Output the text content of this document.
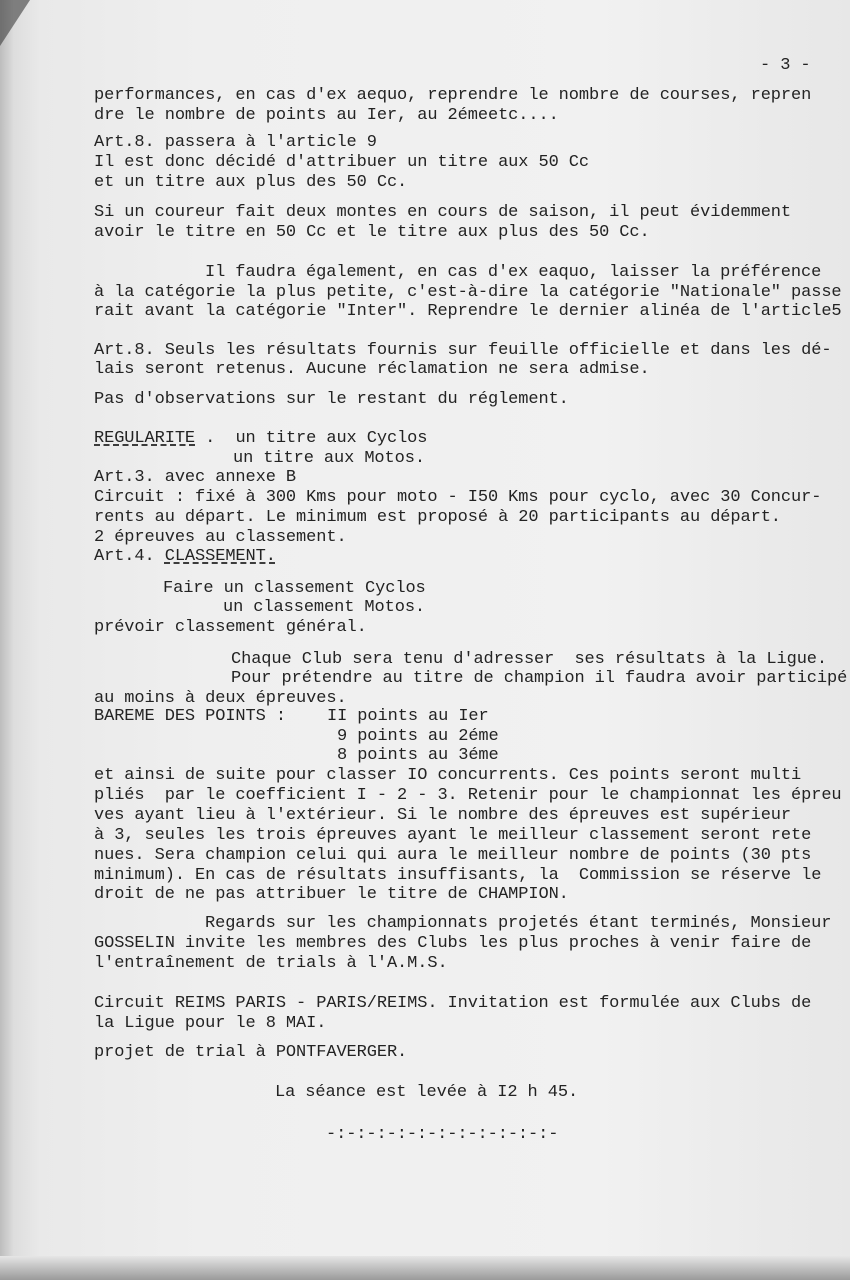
- 3 -

performances, en cas d'ex aequo, reprendre le nombre de courses, repren

dre le nombre de points au Ier, au 2émeetc....

Art.8. passera à l'article 9

Il est donc décidé d'attribuer un titre aux 50 Cc

et un titre aux plus des 50 Cc.

Si un coureur fait deux montes en cours de saison, il peut évidemment

avoir le titre en 50 Cc et le titre aux plus des 50 Cc.

Il faudra également, en cas d'ex eaquo, laisser la préférence

à la catégorie la plus petite, c'est-à-dire la catégorie "Nationale" passe

rait avant la catégorie "Inter". Reprendre le dernier alinéa de l'article5

Art.8. Seuls les résultats fournis sur feuille officielle et dans les dé-

lais seront retenus. Aucune réclamation ne sera admise.

Pas d'observations sur le restant du réglement.

REGULARITE .  un titre aux Cyclos

un titre aux Motos.

Art.3. avec annexe B

Circuit : fixé à 300 Kms pour moto - I50 Kms pour cyclo, avec 30 Concur-

rents au départ. Le minimum est proposé à 20 participants au départ.

2 épreuves au classement.

Art.4. CLASSEMENT.

Faire un classement Cyclos

un classement Motos.

prévoir classement général.

Chaque Club sera tenu d'adresser  ses résultats à la Ligue.

Pour prétendre au titre de champion il faudra avoir participé

au moins à deux épreuves.

BAREME DES POINTS : II points au Ier

9 points au 2éme

8 points au 3éme

et ainsi de suite pour classer IO concurrents. Ces points seront multi

pliés  par le coefficient I - 2 - 3. Retenir pour le championnat les épreu

ves ayant lieu à l'extérieur. Si le nombre des épreuves est supérieur

à 3, seules les trois épreuves ayant le meilleur classement seront rete

nues. Sera champion celui qui aura le meilleur nombre de points (30 pts

minimum). En cas de résultats insuffisants, la  Commission se réserve le

droit de ne pas attribuer le titre de CHAMPION.

Regards sur les championnats projetés étant terminés, Monsieur

GOSSELIN invite les membres des Clubs les plus proches à venir faire de

l'entraînement de trials à l'A.M.S.

Circuit REIMS PARIS - PARIS/REIMS. Invitation est formulée aux Clubs de

la Ligue pour le 8 MAI.

projet de trial à PONTFAVERGER.

La séance est levée à I2 h 45.

-:-:-:-:-:-:-:-:-:-:-:-
